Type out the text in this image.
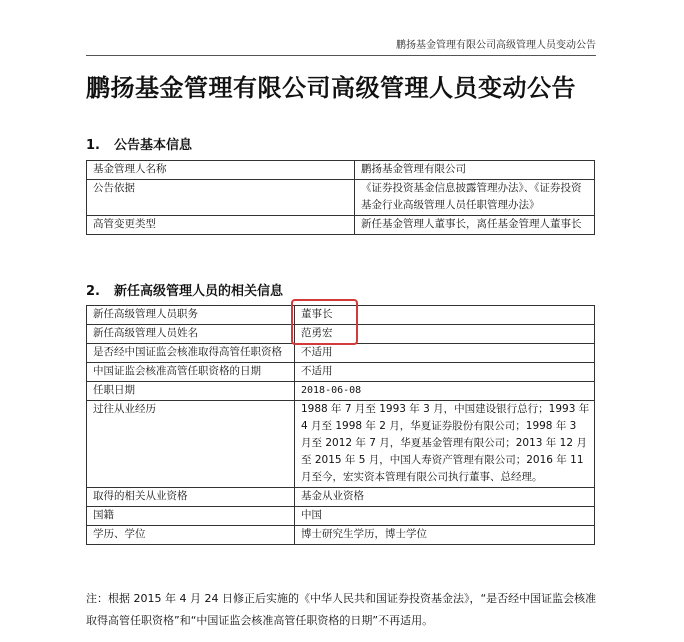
鹏扬基金管理有限公司高级管理人员变动公告
鹏扬基金管理有限公司高级管理人员变动公告
1. 公告基本信息
基金管理人名称	鹏扬基金管理有限公司
公告依据	《证券投资基金信息披露管理办法》、《证券投资基金行业高级管理人员任职管理办法》
高管变更类型	新任基金管理人董事长，离任基金管理人董事长
2. 新任高级管理人员的相关信息
新任高级管理人员职务	董事长
新任高级管理人员姓名	范勇宏
是否经中国证监会核准取得高管任职资格	不适用
中国证监会核准高管任职资格的日期	不适用
任职日期	2018-06-08
过往从业经历	1988 年 7 月至 1993 年 3 月，中国建设银行总行；1993 年 4 月至 1998 年 2 月，华夏证券股份有限公司；1998 年 3 月至 2012 年 7 月，华夏基金管理有限公司；2013 年 12 月至 2015 年 5 月，中国人寿资产管理有限公司；2016 年 11 月至今，宏实资本管理有限公司执行董事、总经理。
取得的相关从业资格	基金从业资格
国籍	中国
学历、学位	博士研究生学历，博士学位
注：根据 2015 年 4 月 24 日修正后实施的《中华人民共和国证券投资基金法》，“是否经中国证监会核准取得高管任职资格”和“中国证监会核准高管任职资格的日期”不再适用。
